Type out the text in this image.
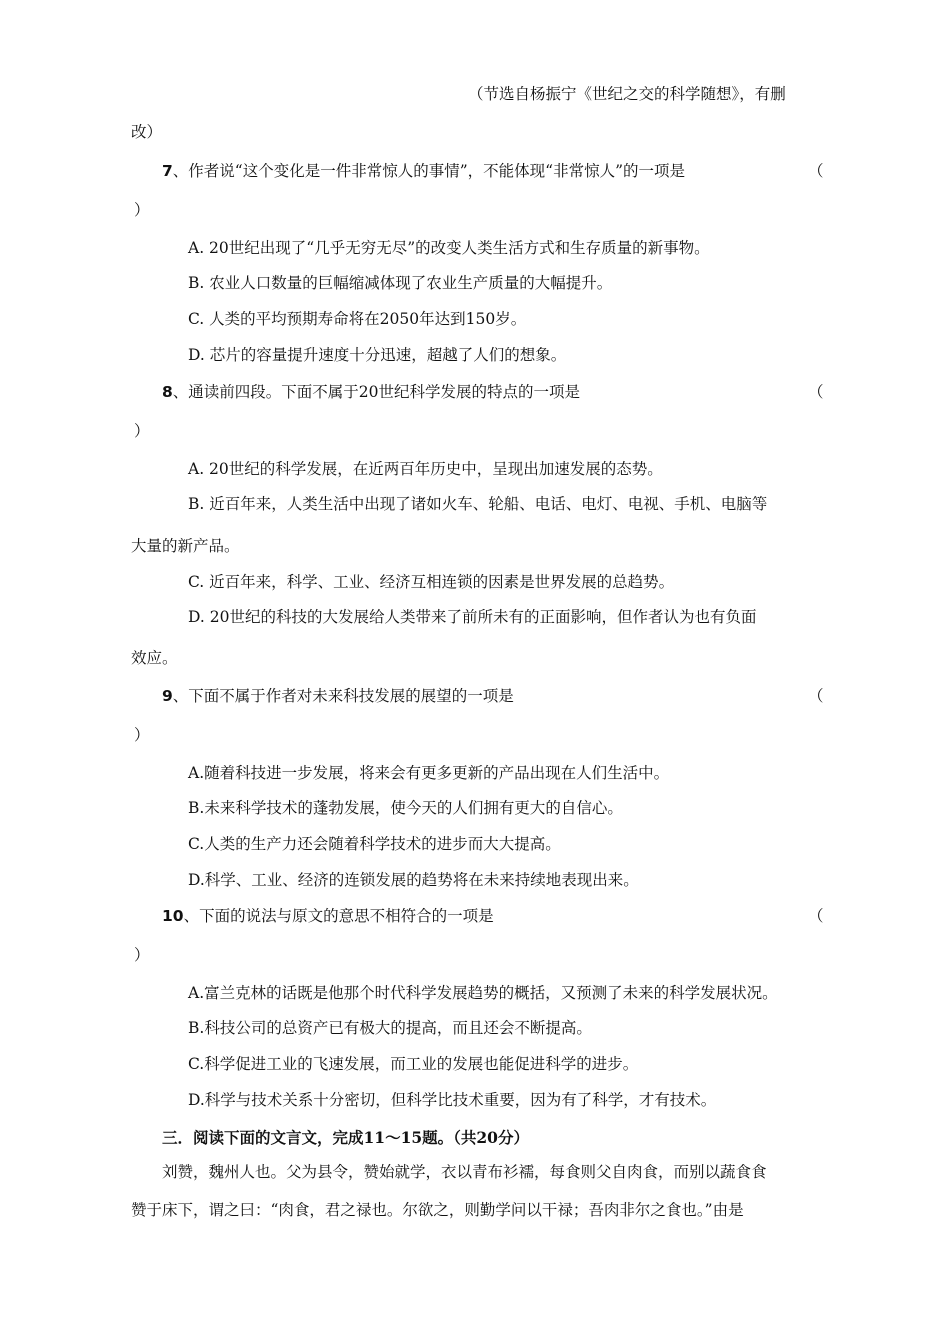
（节选自杨振宁《世纪之交的科学随想》，有删
改）
7、作者说“这个变化是一件非常惊人的事情”，不能体现“非常惊人”的一项是	（
）
A. 20世纪出现了“几乎无穷无尽”的改变人类生活方式和生存质量的新事物。
B. 农业人口数量的巨幅缩减体现了农业生产质量的大幅提升。
C. 人类的平均预期寿命将在2050年达到150岁。
D. 芯片的容量提升速度十分迅速，超越了人们的想象。
8、通读前四段。下面不属于20世纪科学发展的特点的一项是	（
）
A. 20世纪的科学发展，在近两百年历史中，呈现出加速发展的态势。
B. 近百年来，人类生活中出现了诸如火车、轮船、电话、电灯、电视、手机、电脑等
大量的新产品。
C. 近百年来，科学、工业、经济互相连锁的因素是世界发展的总趋势。
D. 20世纪的科技的大发展给人类带来了前所未有的正面影响，但作者认为也有负面
效应。
9、下面不属于作者对未来科技发展的展望的一项是	（
）
A.随着科技进一步发展，将来会有更多更新的产品出现在人们生活中。
B.未来科学技术的蓬勃发展，使今天的人们拥有更大的自信心。
C.人类的生产力还会随着科学技术的进步而大大提高。
D.科学、工业、经济的连锁发展的趋势将在未来持续地表现出来。
10、下面的说法与原文的意思不相符合的一项是	（
）
A.富兰克林的话既是他那个时代科学发展趋势的概括，又预测了未来的科学发展状况。
B.科技公司的总资产已有极大的提高，而且还会不断提高。
C.科学促进工业的飞速发展，而工业的发展也能促进科学的进步。
D.科学与技术关系十分密切，但科学比技术重要，因为有了科学，才有技术。
三．阅读下面的文言文，完成11～15题。（共20分）
刘赞，魏州人也。父为县令，赞始就学，衣以青布衫襦，每食则父自肉食，而别以蔬食食
赞于床下，谓之曰：“肉食，君之禄也。尔欲之，则勤学问以干禄；吾肉非尔之食也。”由是
